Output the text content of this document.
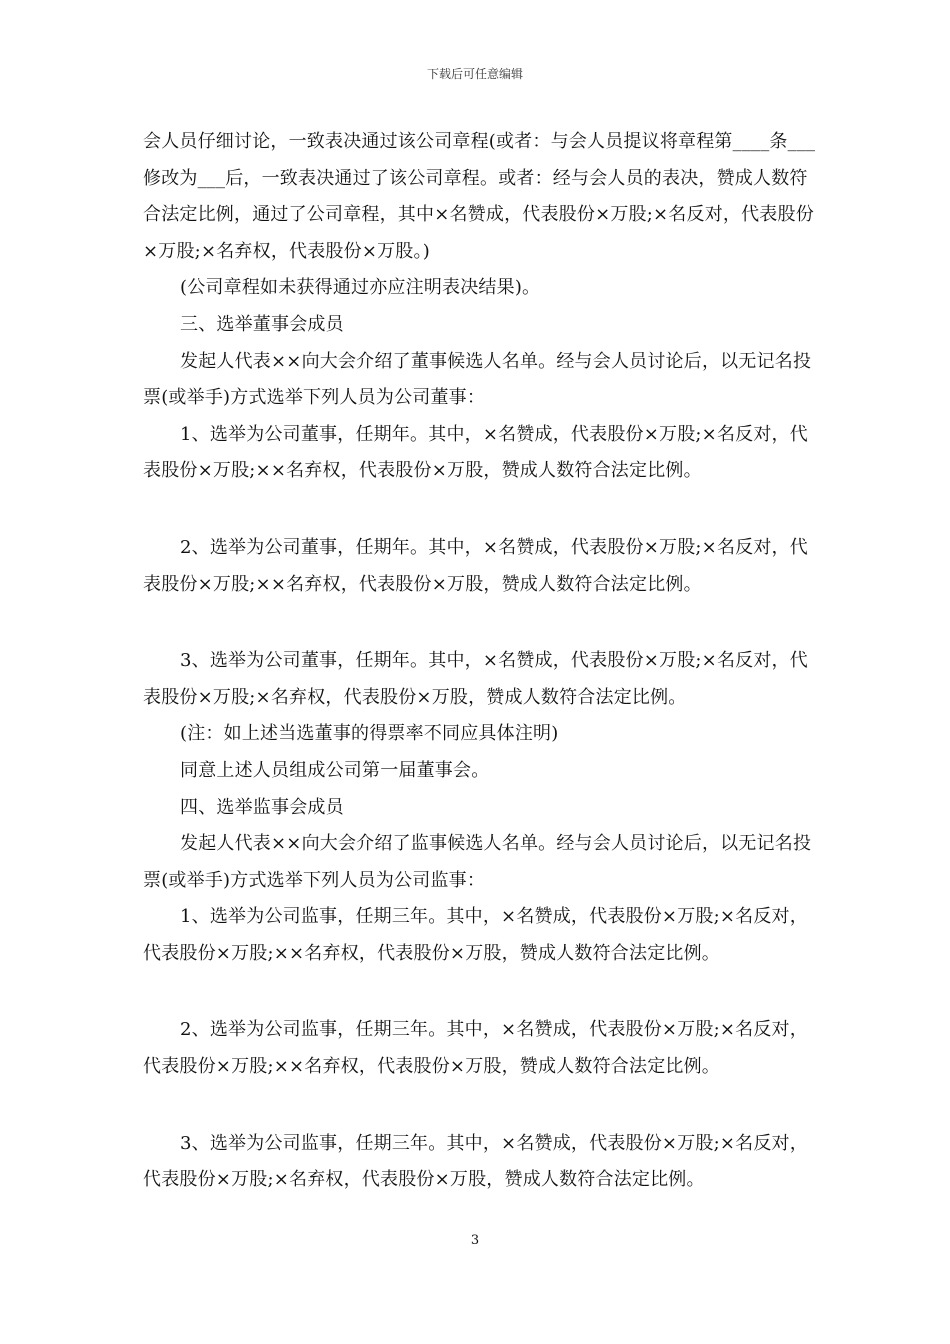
下载后可任意编辑

会人员仔细讨论，一致表决通过该公司章程(或者：与会人员提议将章程第____条___修改为___后，一致表决通过了该公司章程。或者：经与会人员的表决，赞成人数符合法定比例，通过了公司章程，其中×名赞成，代表股份×万股;×名反对，代表股份×万股;×名弃权，代表股份×万股。)

(公司章程如未获得通过亦应注明表决结果)。

三、选举董事会成员

发起人代表××向大会介绍了董事候选人名单。经与会人员讨论后，以无记名投票(或举手)方式选举下列人员为公司董事：

1、选举为公司董事，任期年。其中，×名赞成，代表股份×万股;×名反对，代表股份×万股;××名弃权，代表股份×万股，赞成人数符合法定比例。

2、选举为公司董事，任期年。其中，×名赞成，代表股份×万股;×名反对，代表股份×万股;××名弃权，代表股份×万股，赞成人数符合法定比例。

3、选举为公司董事，任期年。其中，×名赞成，代表股份×万股;×名反对，代表股份×万股;×名弃权，代表股份×万股，赞成人数符合法定比例。

(注：如上述当选董事的得票率不同应具体注明)

同意上述人员组成公司第一届董事会。

四、选举监事会成员

发起人代表××向大会介绍了监事候选人名单。经与会人员讨论后，以无记名投票(或举手)方式选举下列人员为公司监事：

1、选举为公司监事，任期三年。其中，×名赞成，代表股份×万股;×名反对，代表股份×万股;××名弃权，代表股份×万股，赞成人数符合法定比例。

2、选举为公司监事，任期三年。其中，×名赞成，代表股份×万股;×名反对，代表股份×万股;××名弃权，代表股份×万股，赞成人数符合法定比例。

3、选举为公司监事，任期三年。其中，×名赞成，代表股份×万股;×名反对，代表股份×万股;×名弃权，代表股份×万股，赞成人数符合法定比例。

3
